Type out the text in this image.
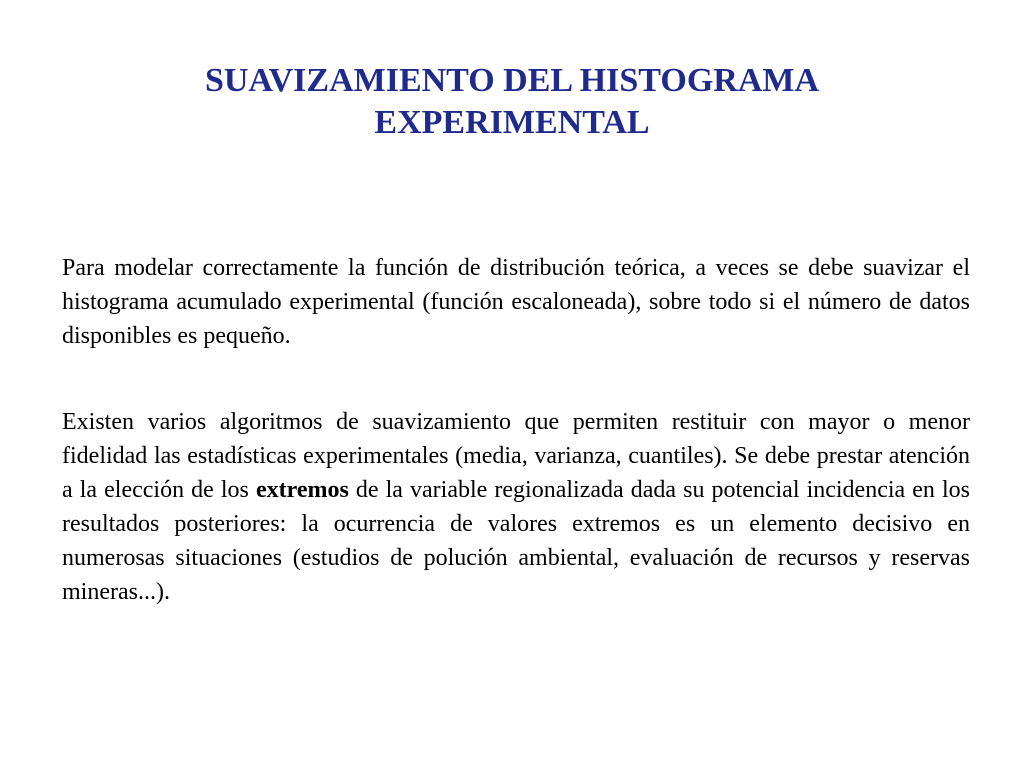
SUAVIZAMIENTO DEL HISTOGRAMA
EXPERIMENTAL

Para modelar correctamente la función de distribución teórica, a veces se debe suavizar el histograma acumulado experimental (función escaloneada), sobre todo si el número de datos disponibles es pequeño.

Existen varios algoritmos de suavizamiento que permiten restituir con mayor o menor fidelidad las estadísticas experimentales (media, varianza, cuantiles). Se debe prestar atención a la elección de los extremos de la variable regionalizada dada su potencial incidencia en los resultados posteriores: la ocurrencia de valores extremos es un elemento decisivo en numerosas situaciones (estudios de polución ambiental, evaluación de recursos y reservas mineras...).
